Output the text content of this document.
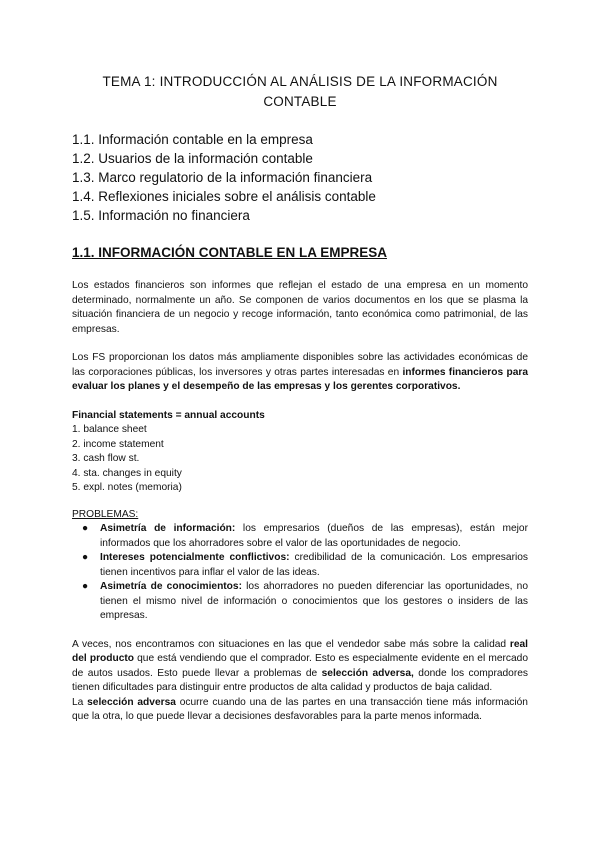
TEMA 1: INTRODUCCIÓN AL ANÁLISIS DE LA INFORMACIÓN CONTABLE
1.1. Información contable en la empresa
1.2. Usuarios de la información contable
1.3. Marco regulatorio de la información financiera
1.4. Reflexiones iniciales sobre el análisis contable
1.5. Información no financiera
1.1. INFORMACIÓN CONTABLE EN LA EMPRESA

Los estados financieros son informes que reflejan el estado de una empresa en un momento determinado, normalmente un año. Se componen de varios documentos en los que se plasma la situación financiera de un negocio y recoge información, tanto económica como patrimonial, de las empresas.

Los FS proporcionan los datos más ampliamente disponibles sobre las actividades económicas de las corporaciones públicas, los inversores y otras partes interesadas en informes financieros para evaluar los planes y el desempeño de las empresas y los gerentes corporativos.

Financial statements = annual accounts
1. balance sheet
2. income statement
3. cash flow st.
4. sta. changes in equity
5. expl. notes (memoria)
PROBLEMAS:
● Asimetría de información: los empresarios (dueños de las empresas), están mejor informados que los ahorradores sobre el valor de las oportunidades de negocio.
● Intereses potencialmente conflictivos: credibilidad de la comunicación. Los empresarios tienen incentivos para inflar el valor de las ideas.
● Asimetría de conocimientos: los ahorradores no pueden diferenciar las oportunidades, no tienen el mismo nivel de información o conocimientos que los gestores o insiders de las empresas.

A veces, nos encontramos con situaciones en las que el vendedor sabe más sobre la calidad real del producto que está vendiendo que el comprador. Esto es especialmente evidente en el mercado de autos usados. Esto puede llevar a problemas de selección adversa, donde los compradores tienen dificultades para distinguir entre productos de alta calidad y productos de baja calidad.

La selección adversa ocurre cuando una de las partes en una transacción tiene más información que la otra, lo que puede llevar a decisiones desfavorables para la parte menos informada.
